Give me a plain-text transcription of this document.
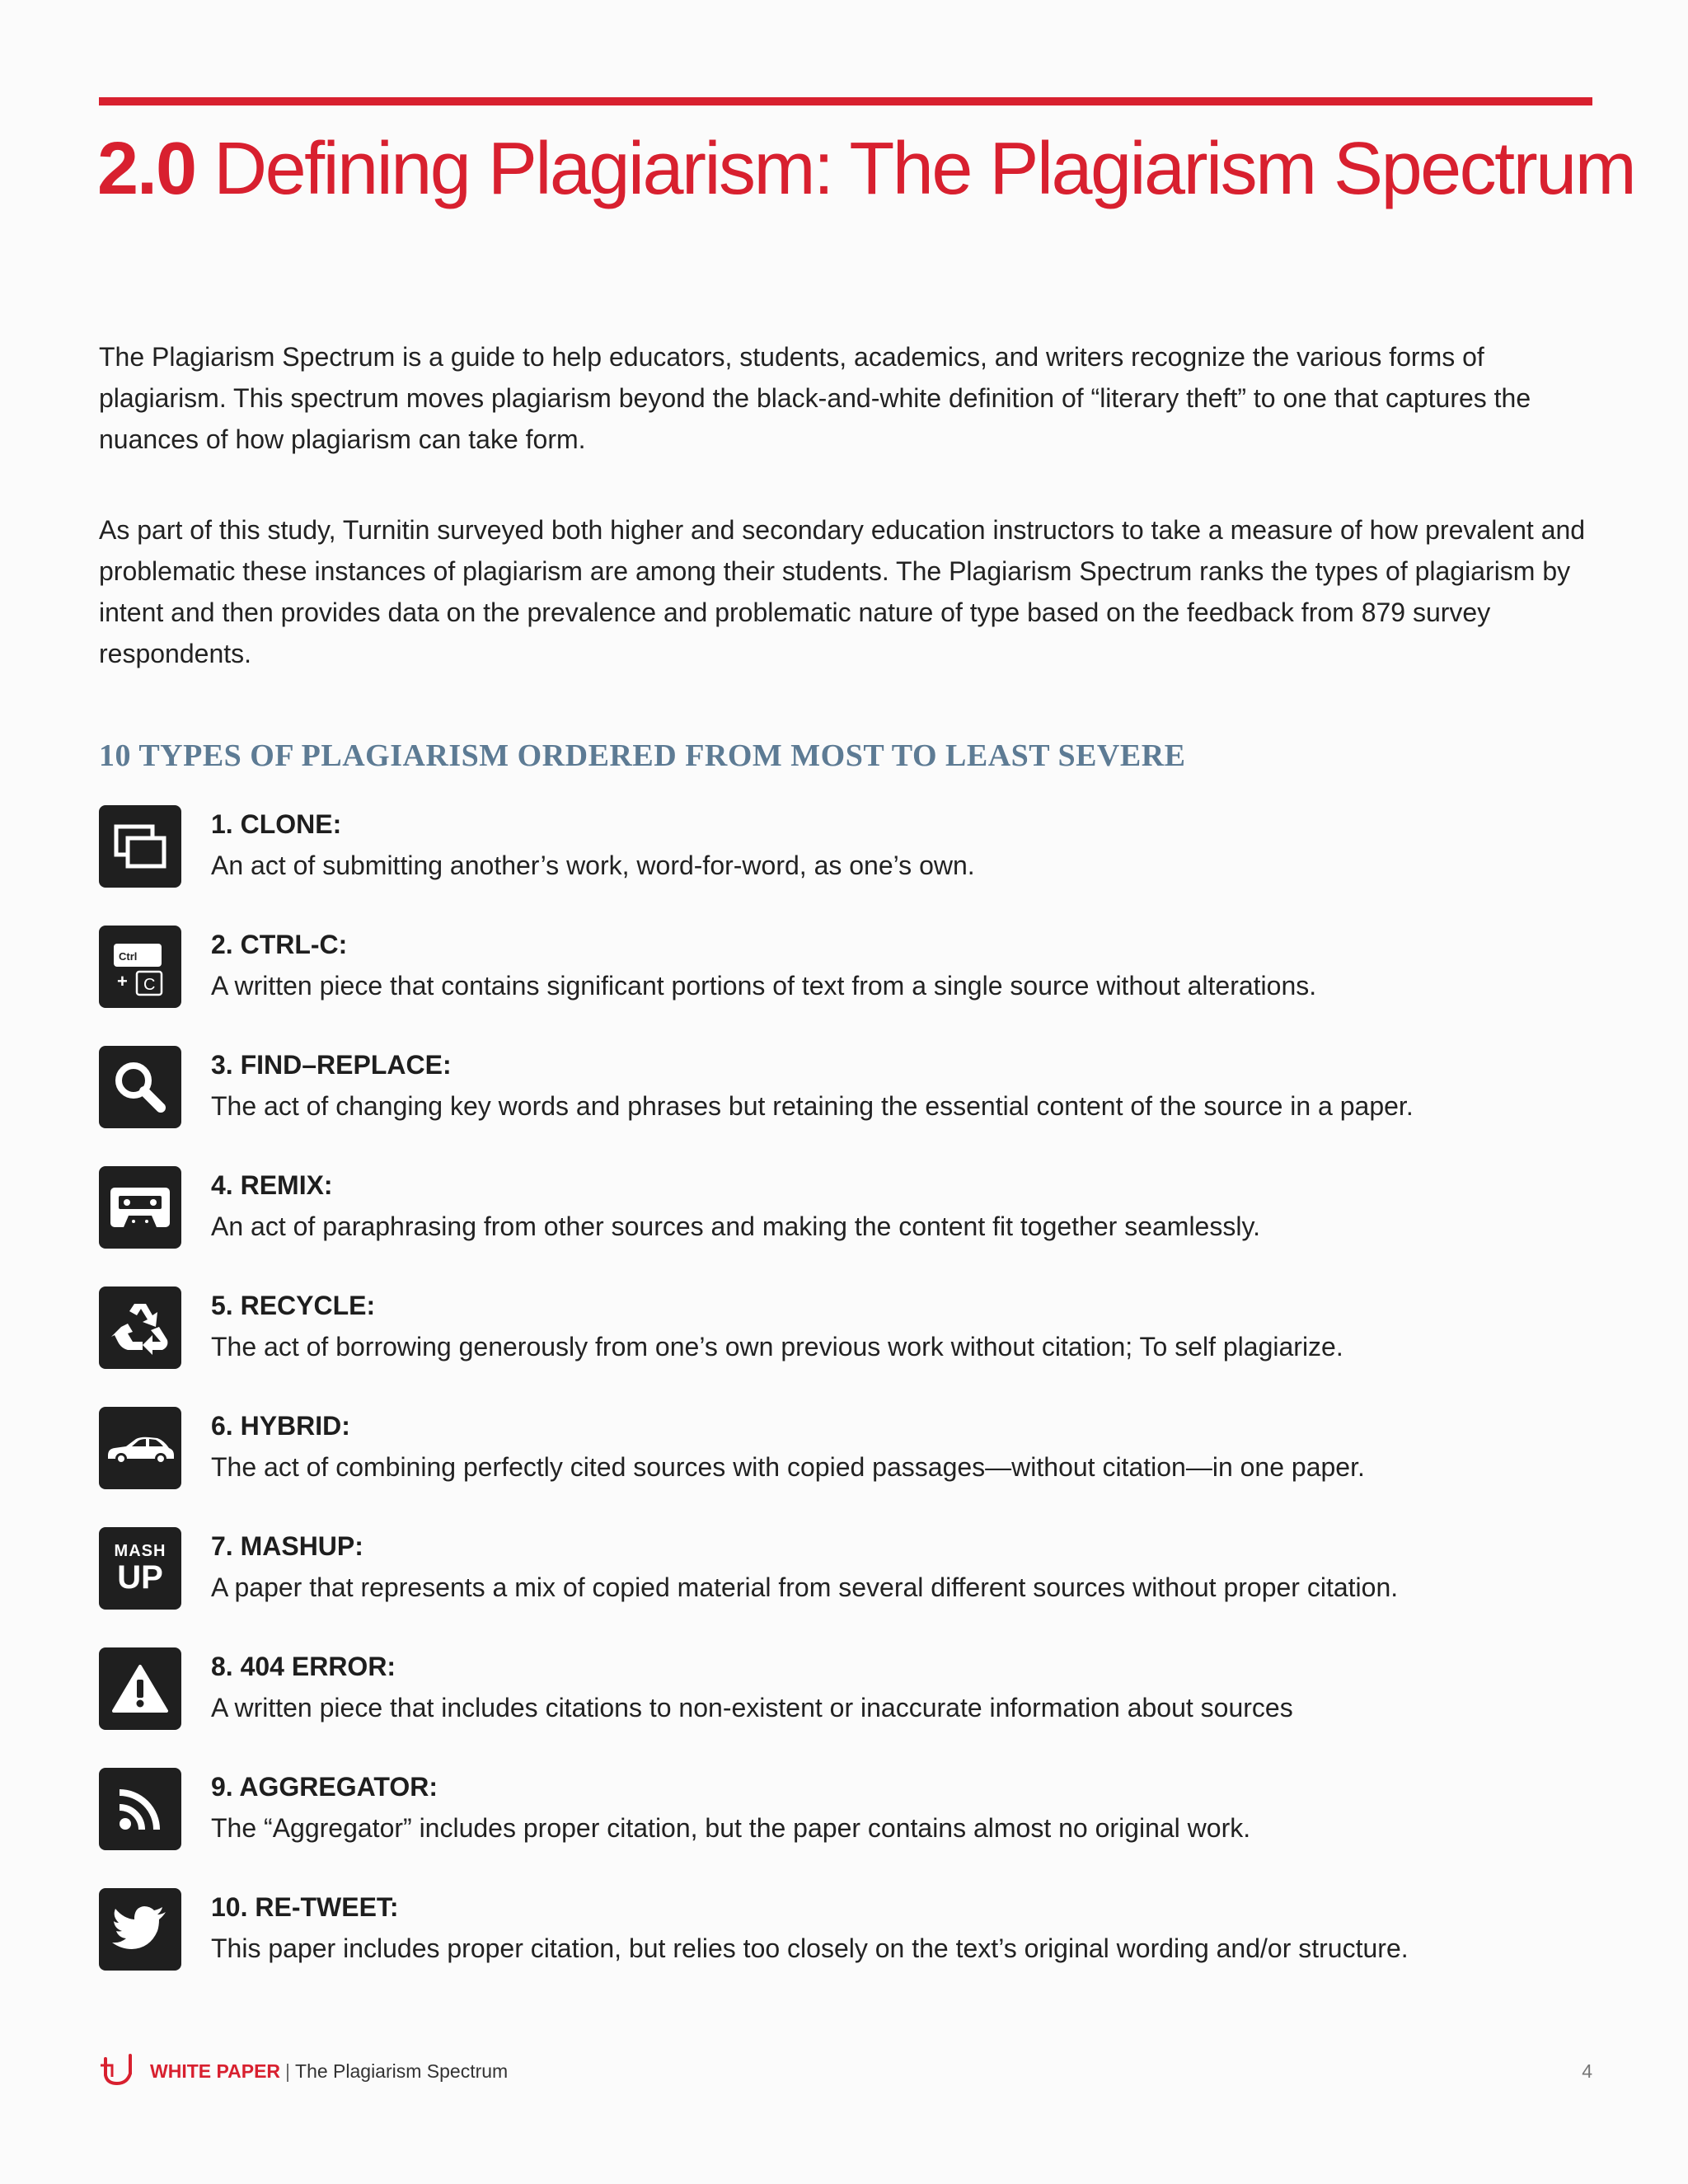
2.0 Defining Plagiarism: The Plagiarism Spectrum

The Plagiarism Spectrum is a guide to help educators, students, academics, and writers recognize the various forms of plagiarism. This spectrum moves plagiarism beyond the black-and-white definition of “literary theft” to one that captures the nuances of how plagiarism can take form.

As part of this study, Turnitin surveyed both higher and secondary education instructors to take a measure of how prevalent and problematic these instances of plagiarism are among their students. The Plagiarism Spectrum ranks the types of plagiarism by intent and then provides data on the prevalence and problematic nature of type based on the feedback from 879 survey respondents.

10 TYPES OF PLAGIARISM ORDERED FROM MOST TO LEAST SEVERE

1. CLONE:

An act of submitting another’s work, word-for-word, as one’s own.

Ctrl
+ C

2. CTRL-C:

A written piece that contains significant portions of text from a single source without alterations.

3. FIND–REPLACE:

The act of changing key words and phrases but retaining the essential content of the source in a paper.

4. REMIX:

An act of paraphrasing from other sources and making the content fit together seamlessly.

5. RECYCLE:

The act of borrowing generously from one’s own previous work without citation; To self plagiarize.

6. HYBRID:

The act of combining perfectly cited sources with copied passages—without citation—in one paper.

MASH
UP

7. MASHUP:

A paper that represents a mix of copied material from several different sources without proper citation.

8. 404 ERROR:

A written piece that includes citations to non-existent or inaccurate information about sources

9. AGGREGATOR:

The “Aggregator” includes proper citation, but the paper contains almost no original work.

10. RE-TWEET:

This paper includes proper citation, but relies too closely on the text’s original wording and/or structure.

WHITE PAPER | The Plagiarism Spectrum	4
